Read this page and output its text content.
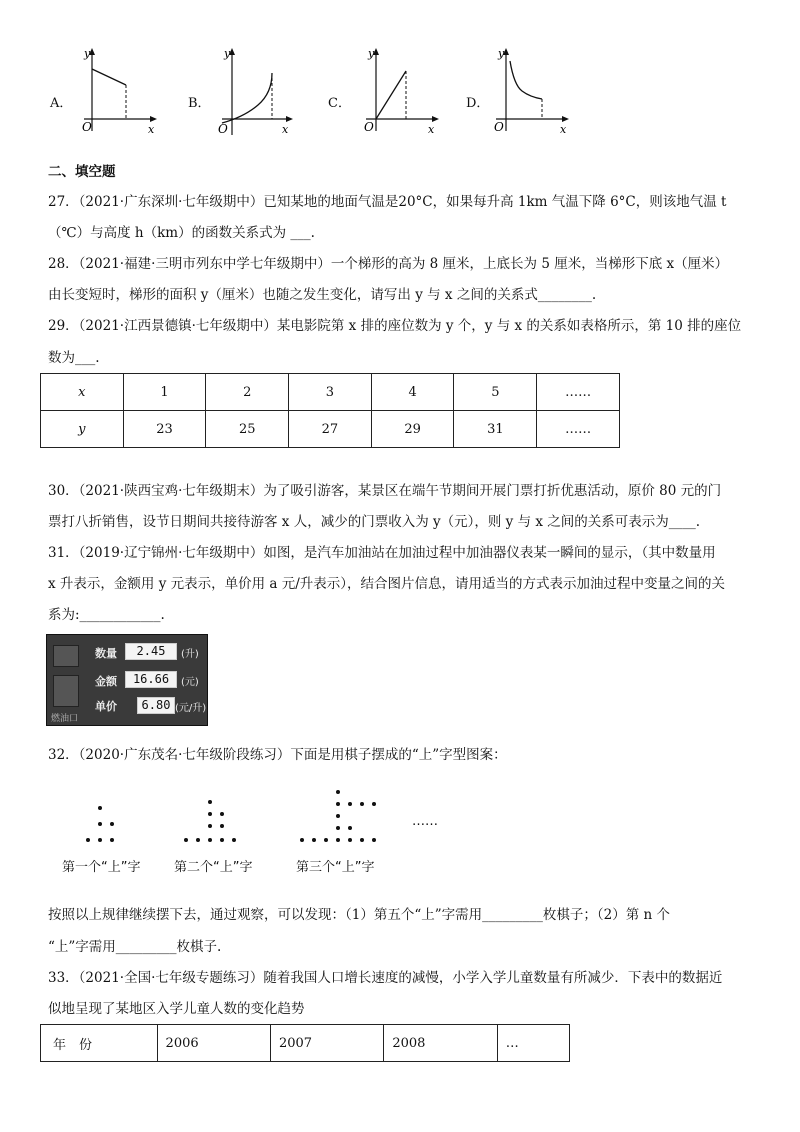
A．
y
x
O
B．
y
x
O
C．
y
x
O
D．
y
x
O
二、填空题
27．（2021·广东深圳·七年级期中）已知某地的地面气温是20°C，如果每升高 1km 气温下降 6°C，则该地气温 t
（℃）与高度 h（km）的函数关系式为 ___.
28．（2021·福建·三明市列东中学七年级期中）一个梯形的高为 8 厘米，上底长为 5 厘米，当梯形下底 x（厘米）
由长变短时，梯形的面积 y（厘米）也随之发生变化，请写出 y 与 x 之间的关系式________.
29．（2021·江西景德镇·七年级期中）某电影院第 x 排的座位数为 y 个，y 与 x 的关系如表格所示，第 10 排的座位
数为___.
x	1	2	3	4	5	……
y	23	25	27	29	31	……
30．（2021·陕西宝鸡·七年级期末）为了吸引游客，某景区在端午节期间开展门票打折优惠活动，原价 80 元的门
票打八折销售，设节日期间共接待游客 x 人，减少的门票收入为 y（元），则 y 与 x 之间的关系可表示为____.
31．（2019·辽宁锦州·七年级期中）如图，是汽车加油站在加油过程中加油器仪表某一瞬间的显示，（其中数量用
x 升表示，金额用 y 元表示，单价用 a 元/升表示），结合图片信息，请用适当的方式表示加油过程中变量之间的关
系为:____________.
数量	2.45	(升)
金额	16.66	(元)
单价	6.80 (元/升)
燃油口
32．（2020·广东茂名·七年级阶段练习）下面是用棋子摆成的“上”字型图案：
……
第一个“上”字	第二个“上”字	第三个“上”字
按照以上规律继续摆下去，通过观察，可以发现：（1）第五个“上”字需用_________枚棋子；（2）第 n 个
“上”字需用_________枚棋子.
33．（2021·全国·七年级专题练习）随着我国人口增长速度的减慢，小学入学儿童数量有所减少．下表中的数据近
似地呈现了某地区入学儿童人数的变化趋势
年　份	2006	2007	2008	…
